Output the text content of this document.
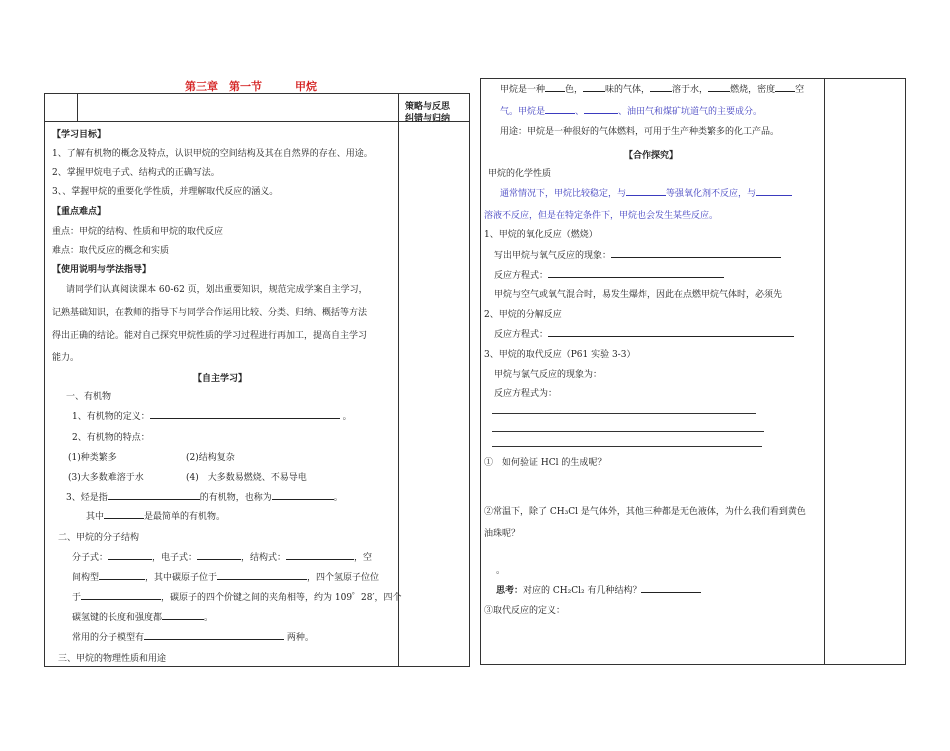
第三章　第一节　　　甲烷
策略与反思
纠错与归纳
【学习目标】
1、了解有机物的概念及特点，认识甲烷的空间结构及其在自然界的存在、用途。
2、掌握甲烷电子式、结构式的正确写法。
3、、掌握甲烷的重要化学性质，并理解取代反应的涵义。
【重点难点】
重点：甲烷的结构、性质和甲烷的取代反应
难点：取代反应的概念和实质
【使用说明与学法指导】
请同学们认真阅读课本 60-62 页，划出重要知识，规范完成学案自主学习，
记熟基础知识，在教师的指导下与同学合作运用比较、分类、归纳、概括等方法
得出正确的结论。能对自己探究甲烷性质的学习过程进行再加工，提高自主学习
能力。
【自主学习】
一、有机物
1、有机物的定义：	。
2、有机物的特点：
(1)种类繁多	(2)结构复杂
(3)大多数难溶于水	(4)　大多数易燃烧、不易导电
3、烃是指	的有机物，也称为	。
其中	是最简单的有机物。
二、甲烷的分子结构
分子式：	，电子式：	，结构式：	，空
间构型	，其中碳原子位于	，四个氢原子位位
于	，碳原子的四个价键之间的夹角相等，约为 109゜28′，四个
碳氢键的长度和强度都	。
常用的分子模型有	两种。
三、甲烷的物理性质和用途
甲烷是一种 色， 味的气体， 溶于水， 燃烧，密度 空
气。甲烷是	、	、油田气和煤矿坑道气的主要成分。
用途：甲烷是一种很好的气体燃料，可用于生产种类繁多的化工产品。
【合作探究】
甲烷的化学性质
通常情况下，甲烷比较稳定，与	等强氧化剂不反应，与
溶液不反应，但是在特定条件下，甲烷也会发生某些反应。
1、甲烷的氧化反应（燃烧）
写出甲烷与氧气反应的现象：
反应方程式：
甲烷与空气或氧气混合时，易发生爆炸，因此在点燃甲烷气体时，必须先
2、甲烷的分解反应
反应方程式：
3、甲烷的取代反应（P61 实验 3-3）
甲烷与氯气反应的现象为：
反应方程式为：
①　如何验证 HCl 的生成呢？
②常温下，除了 CH₃Cl 是气体外，其他三种都是无色液体，为什么我们看到黄色
油珠呢？
。
思考：对应的 CH₂Cl₂ 有几种结构？
③取代反应的定义：
